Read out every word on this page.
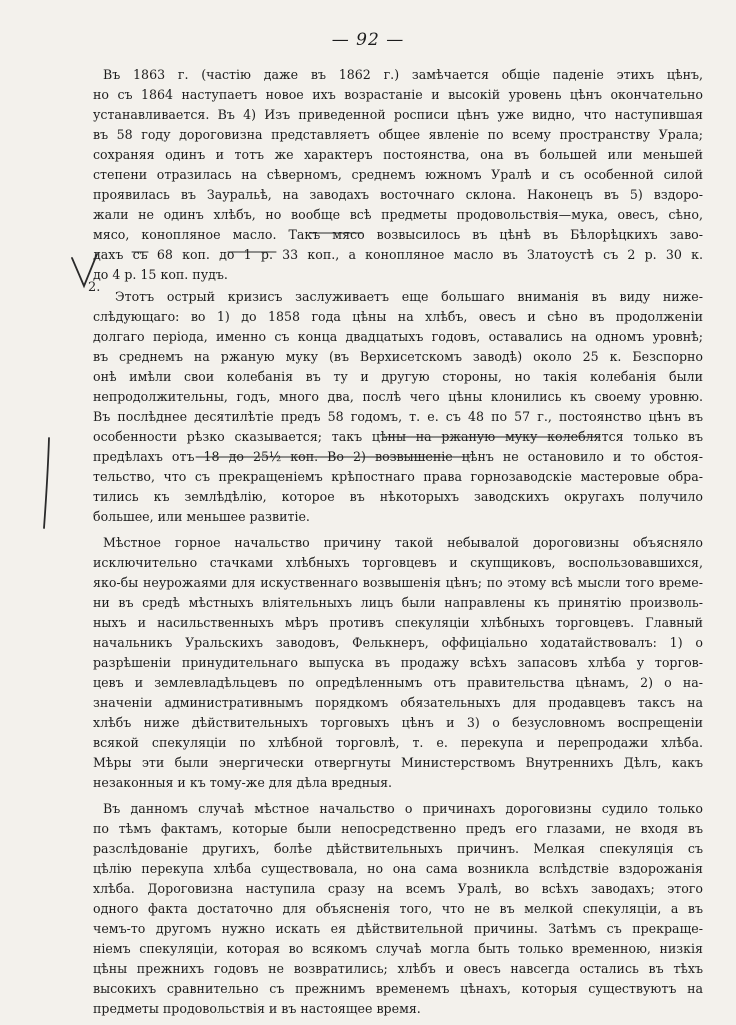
— 92 —
Въ 1863 г. (частію даже въ 1862 г.) замѣчается общіе паденіе этихъ цѣнъ,
но съ 1864 наступаетъ новое ихъ возрастаніе и высокій уровень цѣнъ окончательно
устанавливается. Въ 4) Изъ приведенной росписи цѣнъ уже видно, что наступившая
въ 58 году дороговизна представляетъ общее явленіе по всему пространству Урала;
сохраняя одинъ и тотъ же характеръ постоянства, она въ большей или меньшей
степени отразилась на сѣверномъ, среднемъ южномъ Уралѣ и съ особенной силой
проявилась въ Зауральѣ, на заводахъ восточнаго склона. Наконецъ въ 5) вздоро-
жали не одинъ хлѣбъ, но вообще всѣ предметы продовольствія—мука, овесъ, сѣно,
мясо, конопляное масло. Такъ мясо возвысилось въ цѣнѣ въ Бѣлорѣцкихъ заво-
дахъ съ 68 коп. до 1 р. 33 коп., а конопляное масло въ Златоустѣ съ 2 р. 30 к.
до 4 р. 15 коп. пудъ.
Этотъ острый кризисъ заслуживаетъ еще большаго вниманія въ виду ниже-
слѣдующаго: во 1) до 1858 года цѣны на хлѣбъ, овесъ и сѣно въ продолженіи
долгаго періода, именно съ конца двадцатыхъ годовъ, оставались на одномъ уровнѣ;
въ среднемъ на ржаную муку (въ Верхисетскомъ заводѣ) около 25 к. Безспорно
онѣ имѣли свои колебанія въ ту и другую стороны, но такія колебанія были
непродолжительны, годъ, много два, послѣ чего цѣны клонились къ своему уровню.
Въ послѣднее десятилѣтіе предъ 58 годомъ, т. е. съ 48 по 57 г., постоянство цѣнъ въ
особенности рѣзко сказывается; такъ цѣны на ржаную муку колеблятся только въ
предѣлахъ отъ 18 до 25½ коп. Во 2) возвышеніе цѣнъ не остановило и то обстоя-
тельство, что съ прекращеніемъ крѣпостнаго права горнозаводскіе мастеровые обра-
тились къ землѣдѣлію, которое въ нѣкоторыхъ заводскихъ округахъ получило
большее, или меньшее развитіе.
Мѣстное горное начальство причину такой небывалой дороговизны объясняло
исключительно стачками хлѣбныхъ торговцевъ и скупщиковъ, воспользовавшихся,
яко-бы неурожаями для искуственнаго возвышенія цѣнъ; по этому всѣ мысли того време-
ни въ средѣ мѣстныхъ вліятельныхъ лицъ были направлены къ принятію произволь-
ныхъ и насильственныхъ мѣръ противъ спекуляціи хлѣбныхъ торговцевъ. Главный
начальникъ Уральскихъ заводовъ, Фелькнеръ, оффиціально ходатайствовалъ: 1) о
разрѣшеніи принудительнаго выпуска въ продажу всѣхъ запасовъ хлѣба у торгов-
цевъ и землевладѣльцевъ по опредѣленнымъ отъ правительства цѣнамъ, 2) о на-
значеніи административнымъ порядкомъ обязательныхъ для продавцевъ таксъ на
хлѣбъ ниже дѣйствительныхъ торговыхъ цѣнъ и 3) о безусловномъ воспрещеніи
всякой спекуляціи по хлѣбной торговлѣ, т. е. перекупа и перепродажи хлѣба.
Мѣры эти были энергически отвергнуты Министерствомъ Внутреннихъ Дѣлъ, какъ
незаконныя и къ тому-же для дѣла вредныя.
Въ данномъ случаѣ мѣстное начальство о причинахъ дороговизны судило только
по тѣмъ фактамъ, которые были непосредственно предъ его глазами, не входя въ
разслѣдованіе другихъ, болѣе дѣйствительныхъ причинъ. Мелкая спекуляція съ
цѣлію перекупа хлѣба существовала, но она сама возникла вслѣдствіе вздорожанія
хлѣба. Дороговизна наступила сразу на всемъ Уралѣ, во всѣхъ заводахъ; этого
одного факта достаточно для объясненія того, что не въ мелкой спекуляціи, а въ
чемъ-то другомъ нужно искать ея дѣйствительной причины. Затѣмъ съ прекраще-
ніемъ спекуляціи, которая во всякомъ случаѣ могла быть только временною, низкія
цѣны прежнихъ годовъ не возвратились; хлѣбъ и овесъ навсегда остались въ тѣхъ
высокихъ сравнительно съ прежнимъ временемъ цѣнахъ, которыя существуютъ на
предметы продовольствія и въ настоящее время.
2.
